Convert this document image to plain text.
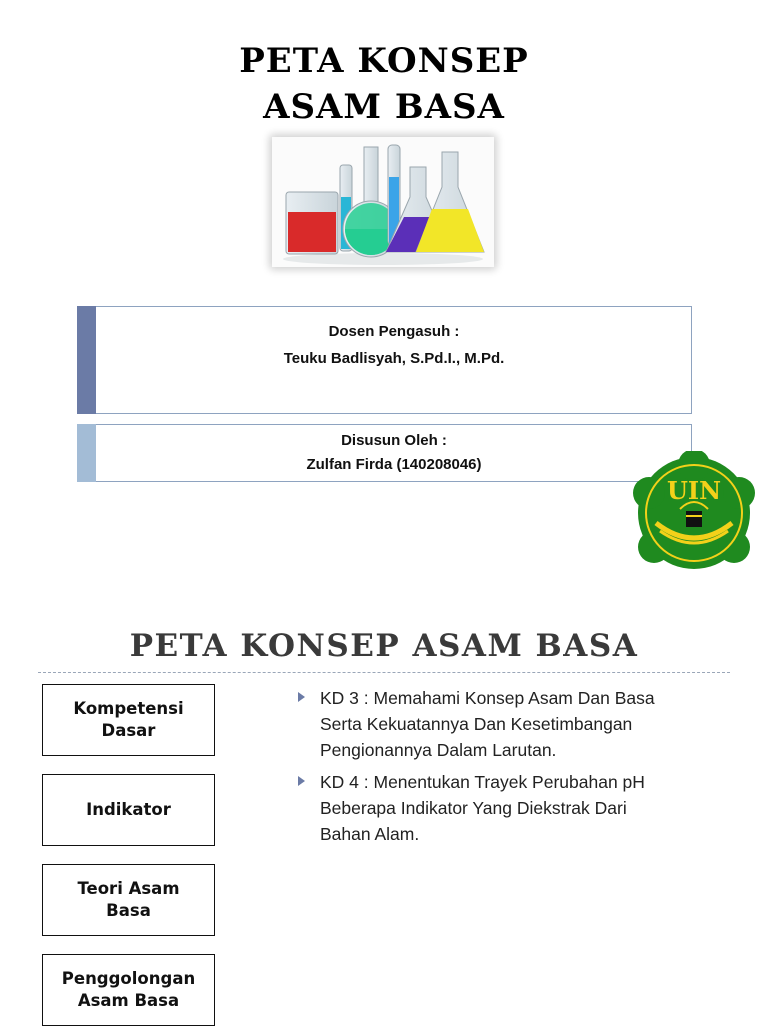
PETA KONSEP
ASAM BASA
Dosen Pengasuh :
Teuku Badlisyah, S.Pd.I., M.Pd.
Disusun Oleh :
Zulfan Firda (140208046)
UIN
PETA KONSEP ASAM BASA
Kompetensi
Dasar
Indikator
Teori Asam
Basa
Penggolongan
Asam Basa
KD 3 : Memahami Konsep Asam Dan Basa Serta Kekuatannya Dan Kesetimbangan Pengionannya Dalam Larutan.
KD 4 : Menentukan Trayek Perubahan pH Beberapa Indikator Yang Diekstrak Dari Bahan Alam.
